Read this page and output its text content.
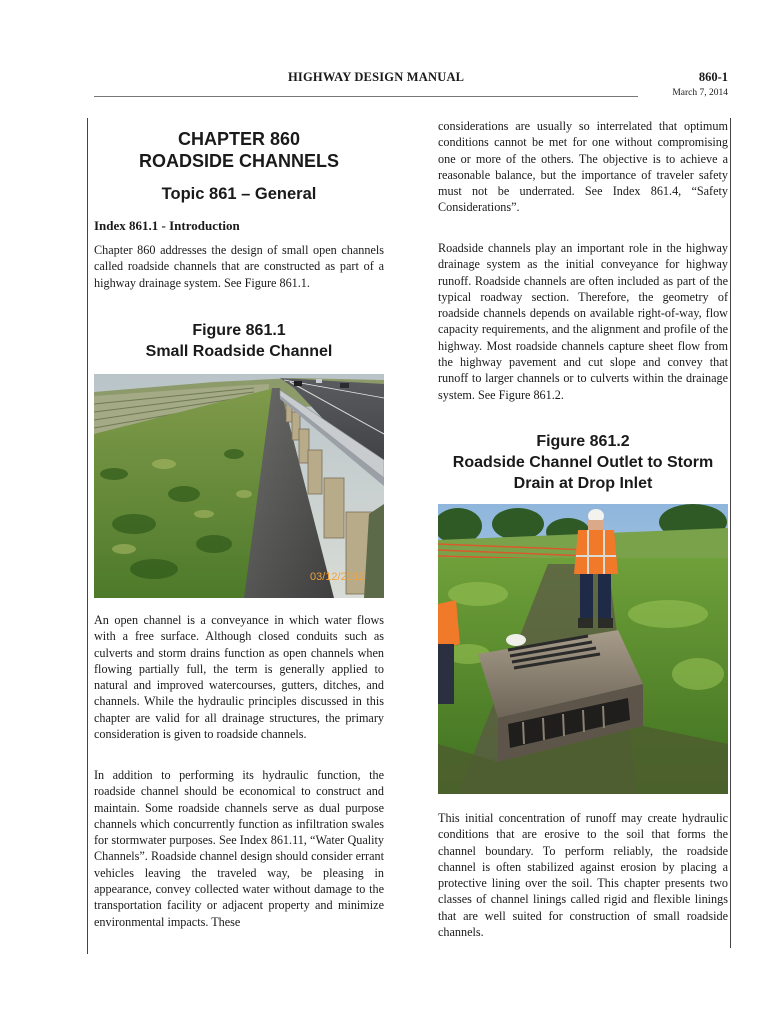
HIGHWAY DESIGN MANUAL	860-1
March 7, 2014
CHAPTER 860
ROADSIDE CHANNELS
Topic 861 – General
Index 861.1 - Introduction
Chapter 860 addresses the design of small open channels called roadside channels that are constructed as part of a highway drainage system. See Figure 861.1.
Figure 861.1
Small Roadside Channel
03/12/2012
An open channel is a conveyance in which water flows with a free surface. Although closed conduits such as culverts and storm drains function as open channels when flowing partially full, the term is generally applied to natural and improved watercourses, gutters, ditches, and channels. While the hydraulic principles discussed in this chapter are valid for all drainage structures, the primary consideration is given to roadside channels.
In addition to performing its hydraulic function, the roadside channel should be economical to construct and maintain. Some roadside channels serve as dual purpose channels which concurrently function as infiltration swales for stormwater purposes. See Index 861.11, “Water Quality Channels”. Roadside channel design should consider errant vehicles leaving the traveled way, be pleasing in appearance, convey collected water without damage to the transportation facility or adjacent property and minimize environmental impacts. These
considerations are usually so interrelated that optimum conditions cannot be met for one without compromising one or more of the others. The objective is to achieve a reasonable balance, but the importance of traveler safety must not be underrated. See Index 861.4, “Safety Considerations”.
Roadside channels play an important role in the highway drainage system as the initial conveyance for highway runoff. Roadside channels are often included as part of the typical roadway section. Therefore, the geometry of roadside channels depends on available right-of-way, flow capacity requirements, and the alignment and profile of the highway. Most roadside channels capture sheet flow from the highway pavement and cut slope and convey that runoff to larger channels or to culverts within the drainage system. See Figure 861.2.
Figure 861.2
Roadside Channel Outlet to Storm Drain at Drop Inlet
This initial concentration of runoff may create hydraulic conditions that are erosive to the soil that forms the channel boundary. To perform reliably, the roadside channel is often stabilized against erosion by placing a protective lining over the soil. This chapter presents two classes of channel linings called rigid and flexible linings that are well suited for construction of small roadside channels.
